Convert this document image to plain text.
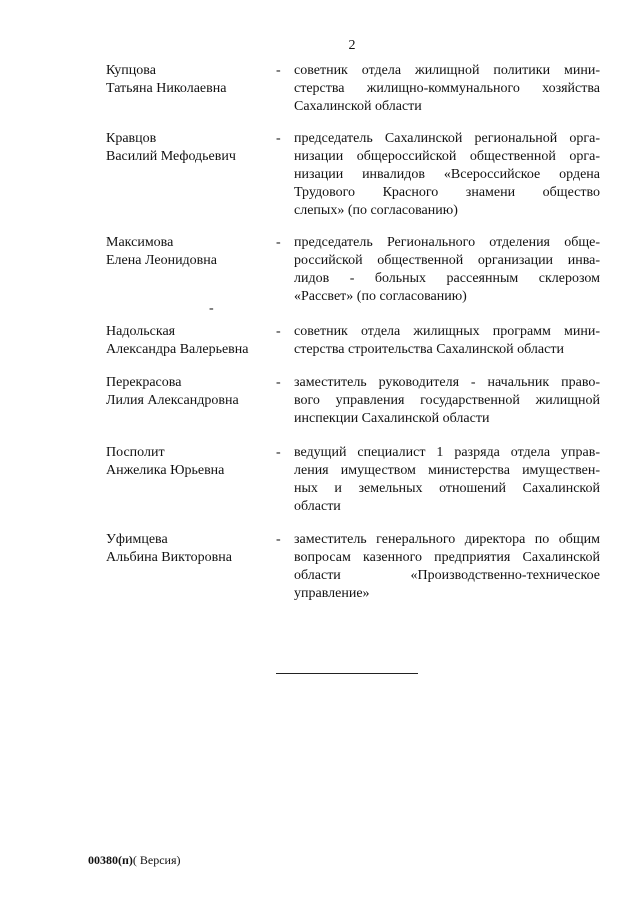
2
Купцова
Татьяна Николаевна
- советник отдела жилищной политики мини-
стерства жилищно-коммунального хозяйства
Сахалинской области
Кравцов
Василий Мефодьевич
- председатель Сахалинской региональной орга-
низации общероссийской общественной орга-
низации инвалидов «Всероссийское ордена
Трудового Красного знамени общество
слепых» (по согласованию)
Максимова
Елена Леонидовна
- председатель Регионального отделения обще-
российской общественной организации инва-
лидов - больных рассеянным склерозом
«Рассвет» (по согласованию)
Надольская
Александра Валерьевна
- советник отдела жилищных программ мини-
стерства строительства Сахалинской области
Перекрасова
Лилия Александровна
- заместитель руководителя - начальник право-
вого управления государственной жилищной
инспекции Сахалинской области
Посполит
Анжелика Юрьевна
- ведущий специалист 1 разряда отдела управ-
ления имуществом министерства имуществен-
ных и земельных отношений Сахалинской
области
Уфимцева
Альбина Викторовна
- заместитель генерального директора по общим
вопросам казенного предприятия Сахалинской
области «Производственно-техническое
управление»
-
00380(п)( Версия)
